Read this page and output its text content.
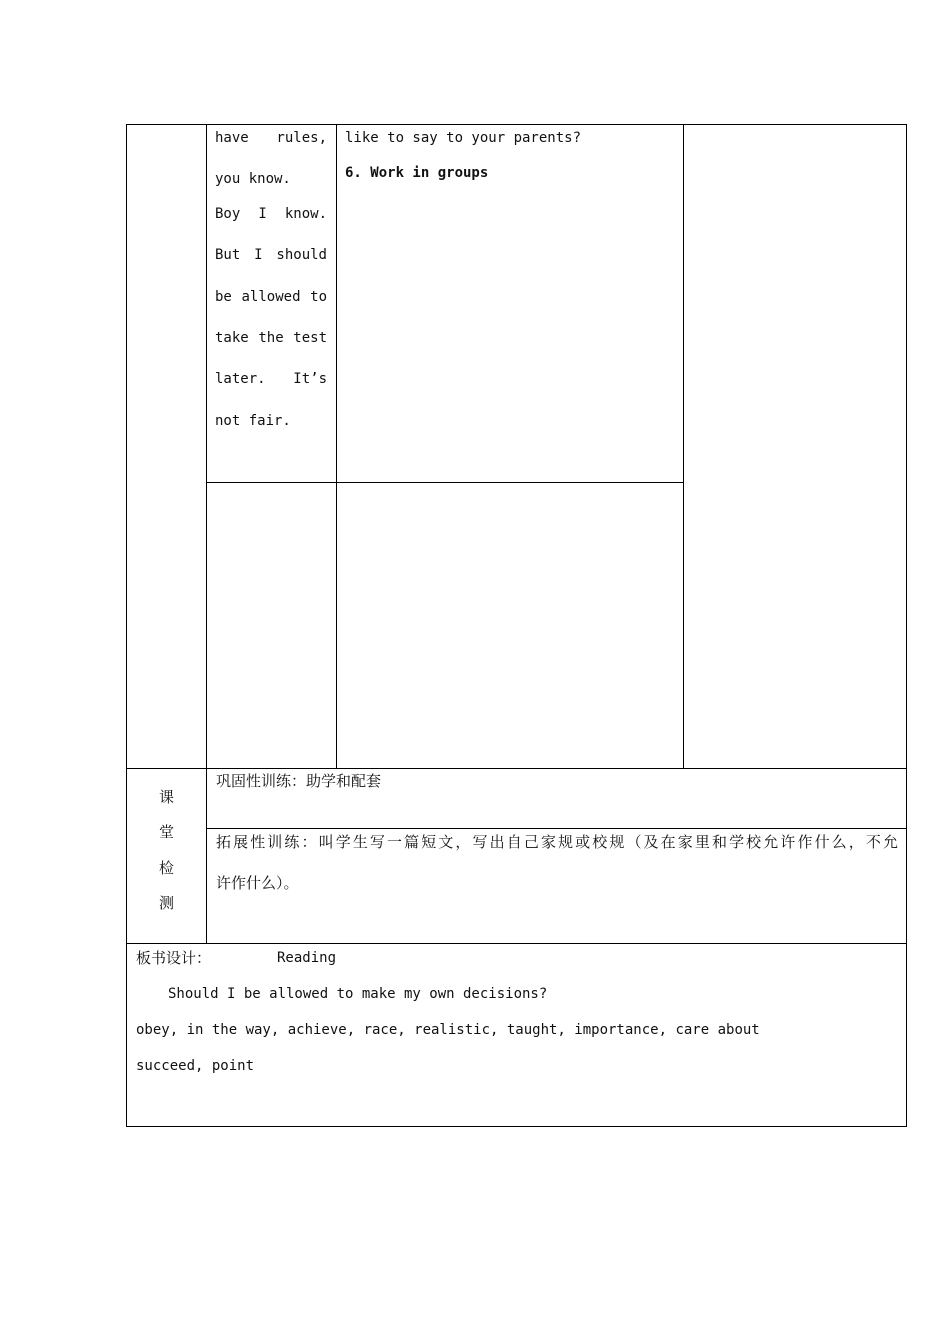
have rules,
you know.
Boy I know.
But I should
be allowed to
take the test
later. It’s
not fair.
like to say to your parents?
6. Work in groups
课
堂
检
测
巩固性训练：助学和配套
拓展性训练：叫学生写一篇短文，写出自己家规或校规（及在家里和学校允许作什么，不允
许作什么）。
板书设计：	Reading
Should I be allowed to make my own decisions?
obey, in the way, achieve, race, realistic, taught, importance, care about
succeed, point
